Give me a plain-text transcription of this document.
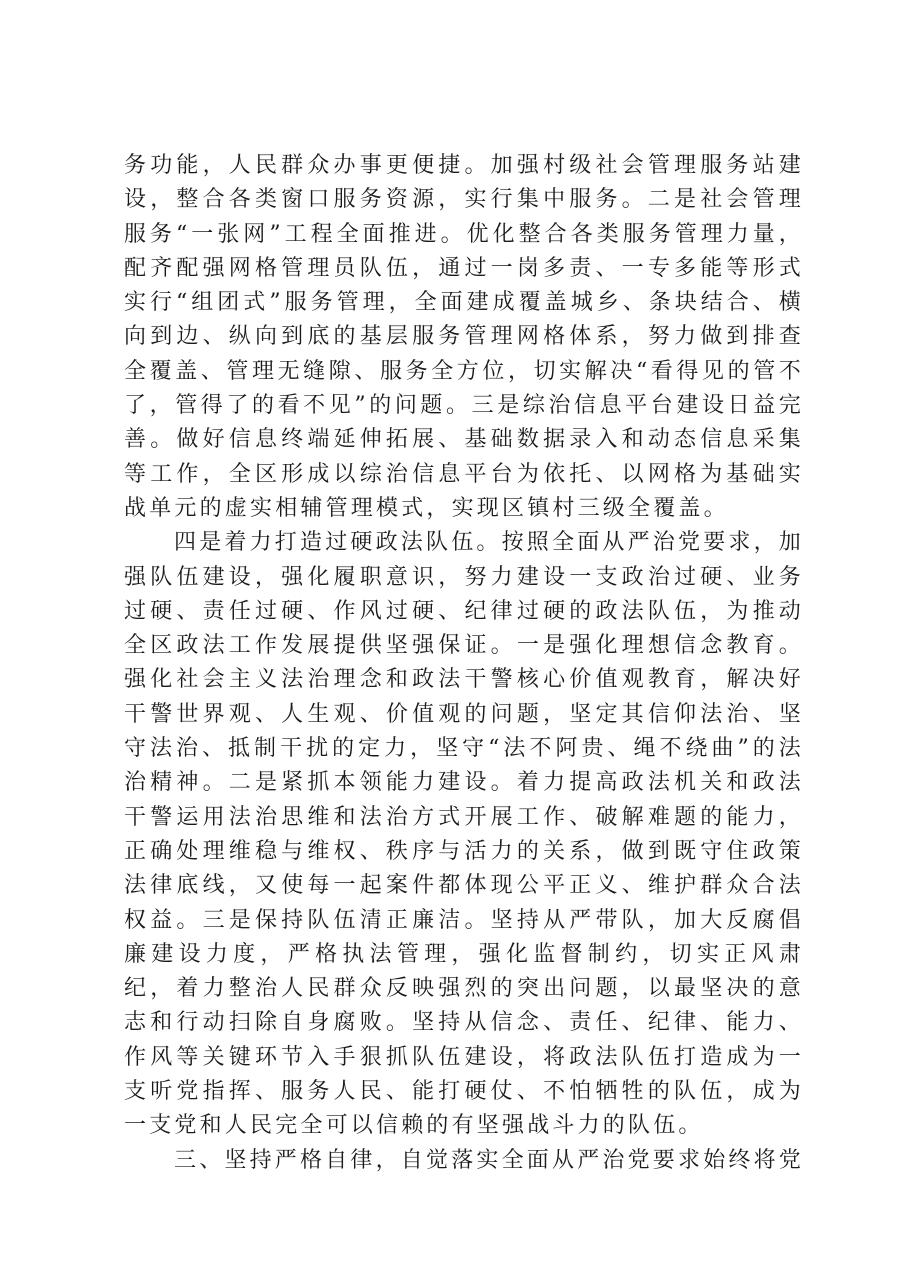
务功能，人民群众办事更便捷。加强村级社会管理服务站建设，整合各类窗口服务资源，实行集中服务。二是社会管理服务“一张网”工程全面推进。优化整合各类服务管理力量，配齐配强网格管理员队伍，通过一岗多责、一专多能等形式实行“组团式”服务管理，全面建成覆盖城乡、条块结合、横向到边、纵向到底的基层服务管理网格体系，努力做到排查全覆盖、管理无缝隙、服务全方位，切实解决“看得见的管不了，管得了的看不见”的问题。三是综治信息平台建设日益完善。做好信息终端延伸拓展、基础数据录入和动态信息采集等工作，全区形成以综治信息平台为依托、以网格为基础实战单元的虚实相辅管理模式，实现区镇村三级全覆盖。

四是着力打造过硬政法队伍。按照全面从严治党要求，加强队伍建设，强化履职意识，努力建设一支政治过硬、业务过硬、责任过硬、作风过硬、纪律过硬的政法队伍，为推动全区政法工作发展提供坚强保证。一是强化理想信念教育。强化社会主义法治理念和政法干警核心价值观教育，解决好干警世界观、人生观、价值观的问题，坚定其信仰法治、坚守法治、抵制干扰的定力，坚守“法不阿贵、绳不绕曲”的法治精神。二是紧抓本领能力建设。着力提高政法机关和政法干警运用法治思维和法治方式开展工作、破解难题的能力，正确处理维稳与维权、秩序与活力的关系，做到既守住政策法律底线，又使每一起案件都体现公平正义、维护群众合法权益。三是保持队伍清正廉洁。坚持从严带队，加大反腐倡廉建设力度，严格执法管理，强化监督制约，切实正风肃纪，着力整治人民群众反映强烈的突出问题，以最坚决的意志和行动扫除自身腐败。坚持从信念、责任、纪律、能力、作风等关键环节入手狠抓队伍建设，将政法队伍打造成为一支听党指挥、服务人民、能打硬仗、不怕牺牲的队伍，成为一支党和人民完全可以信赖的有坚强战斗力的队伍。

三、坚持严格自律，自觉落实全面从严治党要求始终将党
